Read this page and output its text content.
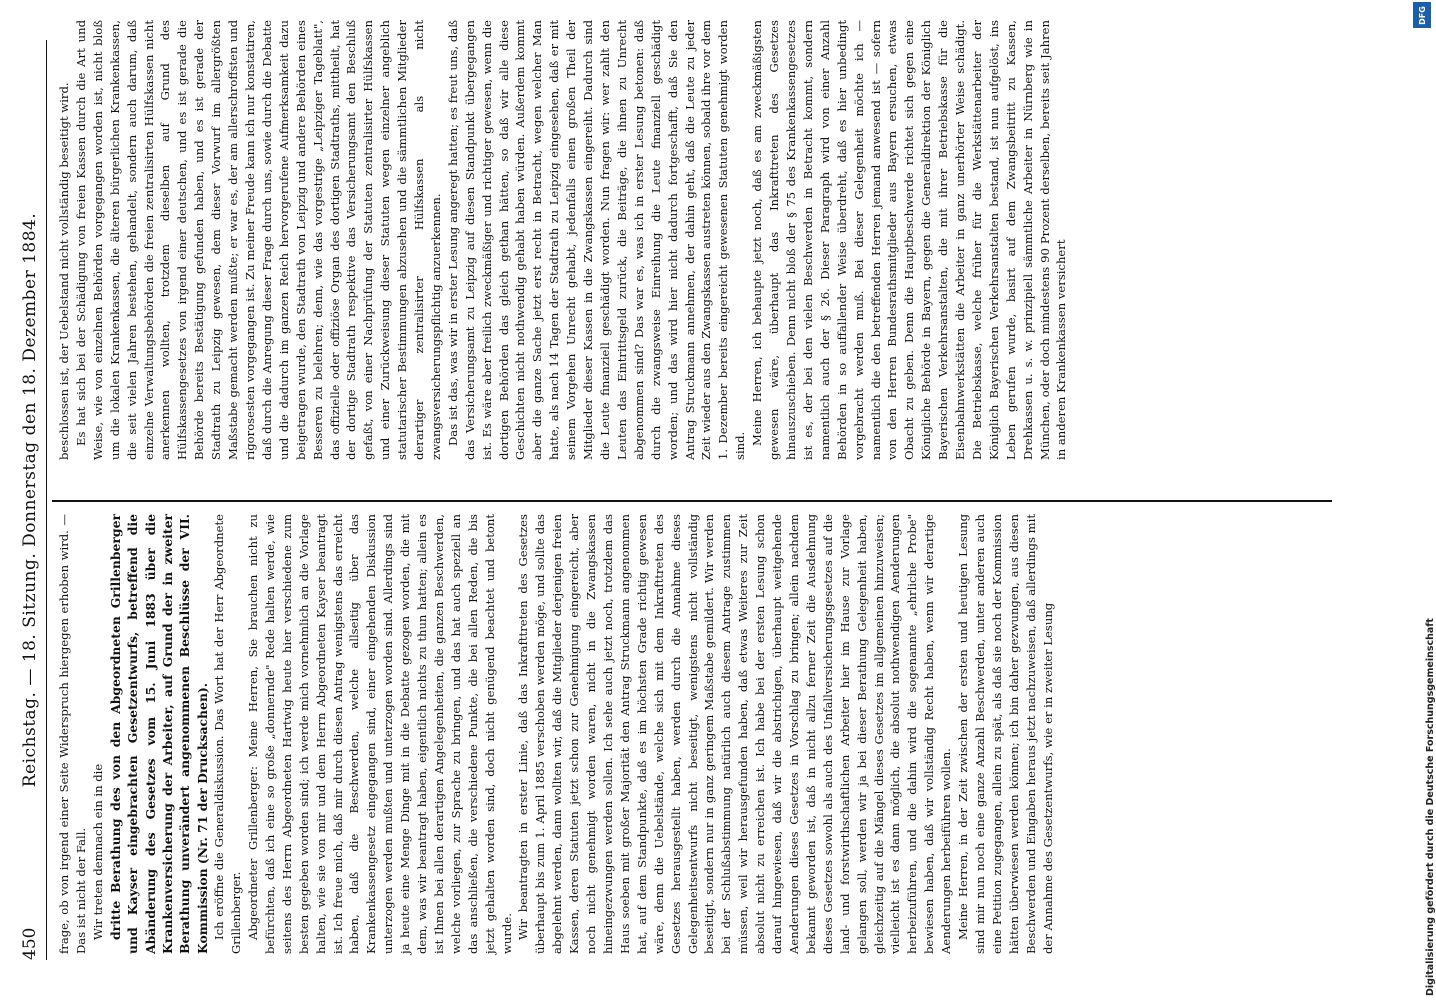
450
Reichstag. — 18. Sitzung. Donnerstag den 18. Dezember 1884. frage, ob von irgend einer Seite Widerspruch hiergegen erhoben wird. — Das ist nicht der Fall. Wir treten demnach ein in die dritte Berathung des von den Abgeordneten Grillenberger und Kayser eingebrachten Gesetzentwurfs, betreffend die Abänderung des Gesetzes vom 15. Juni 1883 über die Krankenversicherung der Arbeiter, auf Grund der in zweiter Berathung unverändert angenommenen Beschlüsse der VII. Kommission (Nr. 71 der Drucksachen). Ich eröffne die Generaldiskussion. Das Wort hat der Herr Abgeordnete Grillenberger. Abgeordneter Grillenberger: Meine Herren, Sie brauchen nicht zu befürchten, daß ich eine so große „donnernde" Rede halten werde, wie seitens des Herrn Abgeordneten Hartwig heute hier verschiedene zum besten gegeben worden sind; ich werde mich vornehmlich an die Vorlage halten, wie sie von mir und dem Herrn Abgeordneten Kayser beantragt ist. Ich freue mich, daß mir durch diesen Antrag wenigstens das erreicht haben, daß die Beschwerden, welche allseitig über das Krankenkassengesetz eingegangen sind, einer eingehenden Diskussion unterzogen werden mußten und unterzogen worden sind. Allerdings sind ja heute eine Menge Dinge mit in die Debatte gezogen worden, die mit dem, was wir beantragt haben, eigentlich nichts zu thun hatten; allein es ist Ihnen bei allen derartigen Angelegenheiten, die ganzen Beschwerden, welche vorliegen, zur Sprache zu bringen, und das hat auch speziell an das anschließen, die verschiedene Punkte, die bei allen Reden, die bis jetzt gehalten worden sind, doch nicht genügend beachtet und betont wurde. Wir beantragten in erster Linie, daß das Inkrafttreten des Gesetzes überhaupt bis zum 1. April 1885 verschoben werden möge, und sollte das abgelehnt werden, dann wollten wir, daß die Mitglieder derjenigen freien Kassen, deren Statuten jetzt schon zur Genehmigung eingereicht, aber noch nicht genehmigt worden waren, nicht in die Zwangskassen hineingezwungen werden sollen. Ich sehe auch jetzt noch, trotzdem das Haus soeben mit großer Majorität den Antrag Struckmann angenommen hat, auf dem Standpunkte, daß es im höchsten Grade richtig gewesen wäre, denn die Uebelstände, welche sich mit dem Inkrafttreten des Gesetzes herausgestellt haben, werden durch die Annahme dieses Gelegenheitsentwurfs nicht beseitigt, wenigstens nicht vollständig beseitigt, sondern nur in ganz geringem Maßstabe gemildert. Wir werden bei der Schlußabstimmung natürlich auch diesem Antrage zustimmen müssen, weil wir herausgefunden haben, daß etwas Weiteres zur Zeit absolut nicht zu erreichen ist. Ich habe bei der ersten Lesung schon darauf hingewiesen, daß wir die abstrichigen, überhaupt weitgehende Aenderungen dieses Gesetzes in Vorschlag zu bringen; allein nachdem bekannt geworden ist, daß in nicht allzu ferner Zeit die Ausdehnung dieses Gesetzes sowohl als auch des Unfallversicherungsgesetzes auf die land- und forstwirthschaftlichen Arbeiter hier im Hause zur Vorlage gelangen soll, werden wir ja bei dieser Berathung Gelegenheit haben, gleichzeitig auf die Mängel dieses Gesetzes im allgemeinen hinzuweisen; vielleicht ist es dann möglich, die absolut nothwendigen Aenderungen herbeizuführen, und die dahin wird die sogenannte „ehrliche Probe" bewiesen haben, daß wir vollständig Recht haben, wenn wir derartige Aenderungen herbeiführen wollen. Meine Herren, in der Zeit zwischen der ersten und heutigen Lesung sind mir nun noch eine ganze Anzahl Beschwerden, unter anderen auch eine Petition zugegangen, allein zu spät, als daß sie noch der Kommission hätten überwiesen werden können; ich bin daher gezwungen, aus diesen Beschwerden und Eingaben heraus jetzt nachzuweisen, daß allerdings mit der Annahme des Gesetzentwurfs, wie er in zweiter Lesung

beschlossen ist, der Uebelstand nicht vollständig beseitigt wird. Es hat sich bei der Schädigung von freien Kassen durch die Art und Weise, wie von einzelnen Behörden vorgegangen worden ist, nicht bloß um die lokalen Krankenkassen, die älteren bürgerlichen Krankenkassen, die seit vielen Jahren bestehen, gehandelt, sondern auch darum, daß einzelne Verwaltungsbehörden die freien zentralisirten Hülfskassen nicht anerkennen wollten, trotzdem dieselben auf Grund des Hülfskassengesetzes von irgend einer deutschen, und es ist gerade die Behörde bereits Bestätigung gefunden haben, und es ist gerade der Stadtrath zu Leipzig gewesen, dem dieser Vorwurf im allergrößten Maßstabe gemacht werden mußte; er war es, der am allerschroffsten und rigorosesten vorgegangen ist. Zu meiner Freude kann ich nur konstatiren, daß durch die Anregung dieser Frage durch uns, sowie durch die Debatte und die dadurch im ganzen Reich hervorgerufene Aufmerksamkeit dazu beigetragen wurde, den Stadtrath von Leipzig und andere Behörden eines Besseren zu belehren; denn, wie das vorgestrige „Leipziger Tageblatt", das offizielle oder offiziöse Organ des dortigen Stadtraths, mittheilt, hat der dortige Stadtrath respektive das Versicherungsamt den Beschluß gefaßt, von einer Nachprüfung der Statuten zentralisirter Hülfskassen und einer Zurückweisung dieser Statuten wegen einzelner angeblich statutarischer Bestimmungen abzusehen und die sämmtlichen Mitglieder derartiger zentralisirter Hülfskassen als nicht zwangsversicherungspflichtig anzuerkennen. Das ist das, was wir in erster Lesung angeregt hatten; es freut uns, daß das Versicherungsamt zu Leipzig auf diesen Standpunkt übergegangen ist. Es wäre aber freilich zweckmäßiger und richtiger gewesen, wenn die dortigen Behörden das gleich gethan hätten, so daß wir alle diese Geschichten nicht nothwendig gehabt haben würden. Außerdem kommt aber die ganze Sache jetzt erst recht in Betracht, wegen welcher Man hatte, als nach 14 Tagen der Stadtrath zu Leipzig eingesehen, daß er mit seinem Vorgehen Unrecht gehabt, jedenfalls einen großen Theil der Mitglieder dieser Kassen in die Zwangskassen eingereiht. Dadurch sind die Leute finanziell geschädigt worden. Nun fragen wir: wer zahlt den Leuten das Eintrittsgeld zurück, die Beiträge, die ihnen zu Unrecht abgenommen sind? Das war es, was ich in erster Lesung betonen: daß durch die zwangsweise Einreihung die Leute finanziell geschädigt worden; und das wird hier nicht dadurch fortgeschafft, daß Sie den Antrag Struckmann annehmen, der dahin geht, daß die Leute zu jeder Zeit wieder aus den Zwangskassen austreten können, sobald ihre vor dem 1. Dezember bereits eingereicht gewesenen Statuten genehmigt worden sind. Meine Herren, ich behaupte jetzt noch, daß es am zweckmäßigsten gewesen wäre, überhaupt das Inkrafttreten des Gesetzes hinauszuschieben. Denn nicht bloß der § 75 des Krankenkassengesetzes ist es, der bei den vielen Beschwerden in Betracht kommt, sondern namentlich auch der § 26. Dieser Paragraph wird von einer Anzahl Behörden in so auffallender Weise überdreht, daß es hier unbedingt vorgebracht werden muß. Bei dieser Gelegenheit möchte ich — namentlich die den betreffenden Herren jemand anwesend ist — sofern von den Herren Bundesrathsmitglieder aus Bayern ersuchen, etwas Obacht zu geben. Denn die Hauptbeschwerde richtet sich gegen eine Königliche Behörde in Bayern, gegen die Generaldirektion der Königlich Bayerischen Verkehrsanstalten, die mit ihrer Betriebskasse für die Eisenbahnwerkstätten die Arbeiter in ganz unerhörter Weise schädigt. Die Betriebskasse, welche früher für die Werkstättenarbeiter der Königlich Bayerischen Verkehrsanstalten bestand, ist nun aufgelöst, ins Leben gerufen wurde, basirt auf dem Zwangsbeitritt zu Kassen, Drehkassen u. s. w. prinzipiell sämmtliche Arbeiter in Nürnberg wie in München, oder doch mindestens 90 Prozent derselben, bereits seit Jahren in anderen Krankenkassen versichert

Digitalisierung gefördert durch die Deutsche Forschungsgemeinschaft
DFG
